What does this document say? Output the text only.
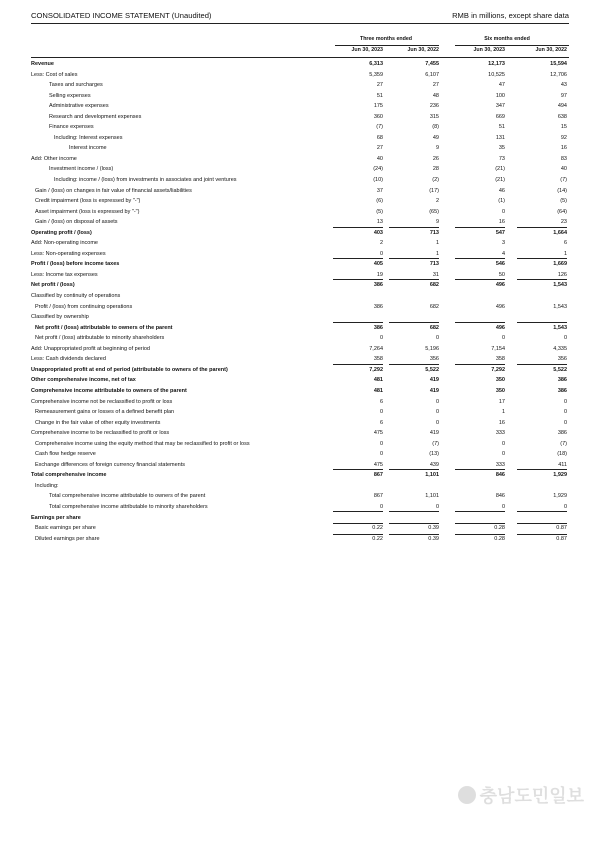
CONSOLIDATED INCOME STATEMENT (Unaudited)	RMB in millions, except share data
Three months ended	Six months ended
Jun 30, 2023	Jun 30, 2022	Jun 30, 2023	Jun 30, 2022
Revenue	6,313	7,455	12,173	15,594
Less: Cost of sales	5,359	6,107	10,525	12,706
Taxes and surcharges	27	27	47	43
Selling expenses	51	48	100	97
Administrative expenses	175	236	347	494
Research and development expenses	360	315	669	638
Finance expenses	(7)	(8)	51	15
Including: Interest expenses	68	49	131	92
Interest income	27	9	35	16
Add: Other income	40	26	73	83
Investment income / (loss)	(24)	28	(21)	40
Including: income / (loss) from investments in associates and joint ventures	(10)	(2)	(21)	(7)
Gain / (loss) on changes in fair value of financial assets/liabilities	37	(17)	46	(14)
Credit impairment (loss is expressed by "-")	(6)	2	(1)	(5)
Asset impairment (loss is expressed by "-")	(5)	(65)	0	(64)
Gain / (loss) on disposal of assets	13	9	16	23
Operating profit / (loss)	403	713	547	1,664
Add: Non-operating income	2	1	3	6
Less: Non-operating expenses	0	1	4	1
Profit / (loss) before income taxes	405	713	546	1,669
Less: Income tax expenses	19	31	50	126
Net profit / (loss)	386	682	496	1,543
Classified by continuity of operations
Profit / (loss) from continuing operations	386	682	496	1,543
Classified by ownership
Net profit / (loss) attributable to owners of the parent	386	682	496	1,543
Net profit / (loss) attributable to minority shareholders	0	0	0	0
Add: Unappropriated profit at beginning of period	7,264	5,196	7,154	4,335
Less: Cash dividends declared	358	356	358	356
Unappropriated profit at end of period (attributable to owners of the parent)	7,292	5,522	7,292	5,522
Other comprehensive income, net of tax	481	419	350	386
Comprehensive income attributable to owners of the parent	481	419	350	386
Comprehensive income not be reclassified to profit or loss	6	0	17	0
Remeasurement gains or losses of a defined benefit plan	0	0	1	0
Change in the fair value of other equity investments	6	0	16	0
Comprehensive income to be reclassified to profit or loss	475	419	333	386
Comprehensive income using the equity method that may be reclassified to profit or loss	0	(7)	0	(7)
Cash flow hedge reserve	0	(13)	0	(18)
Exchange differences of foreign currency financial statements	475	439	333	411
Total comprehensive income	867	1,101	846	1,929
Including:
Total comprehensive income attributable to owners of the parent	867	1,101	846	1,929
Total comprehensive income attributable to minority shareholders	0	0	0	0
Earnings per share
Basic earnings per share	0.22	0.39	0.28	0.87
Diluted earnings per share	0.22	0.39	0.28	0.87
충남도민일보
